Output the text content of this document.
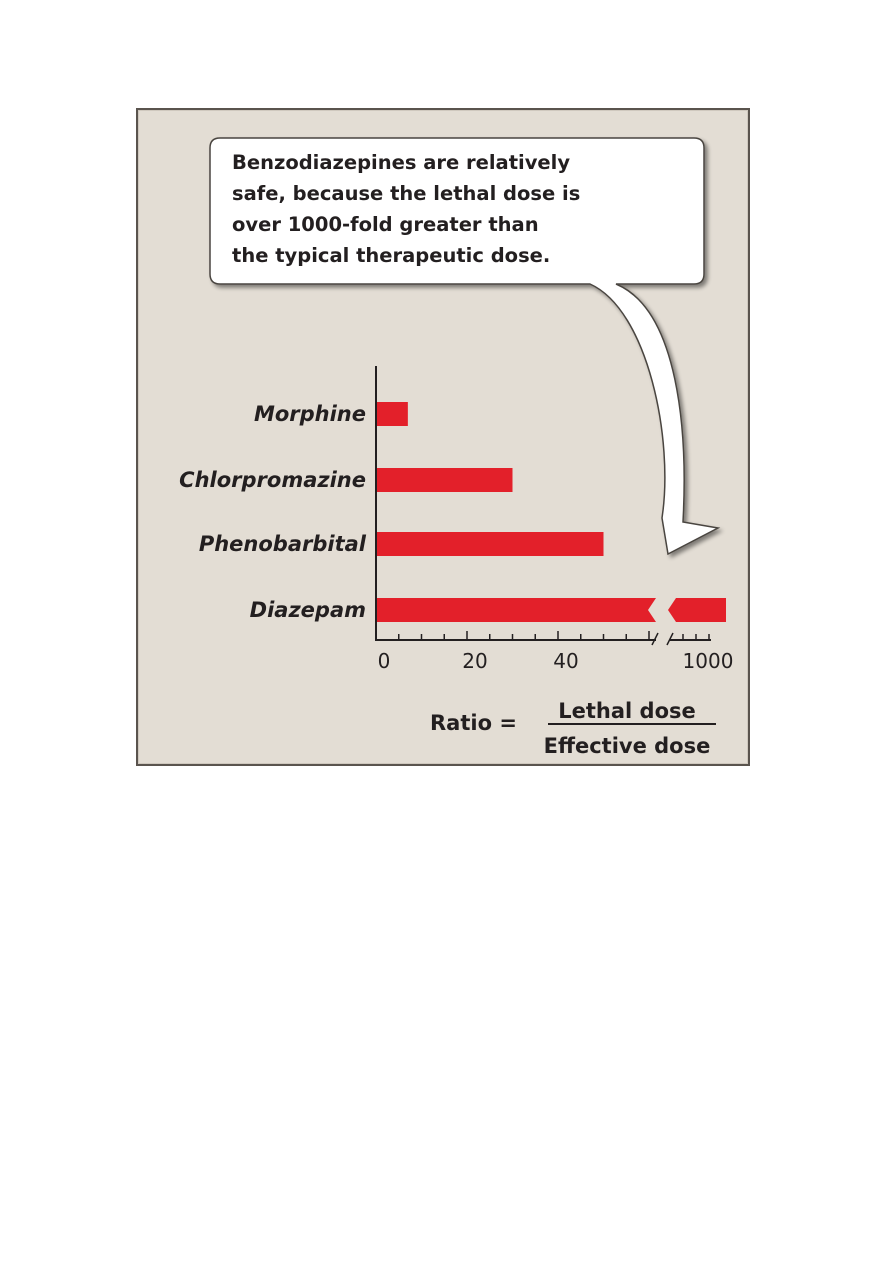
Benzodiazepines are relatively
safe, because the lethal dose is
over 1000-fold greater than
the typical therapeutic dose.
Morphine
Chlorpromazine
Phenobarbital
Diazepam
0	20	40	1000
Ratio = Lethal dose
Effective dose
